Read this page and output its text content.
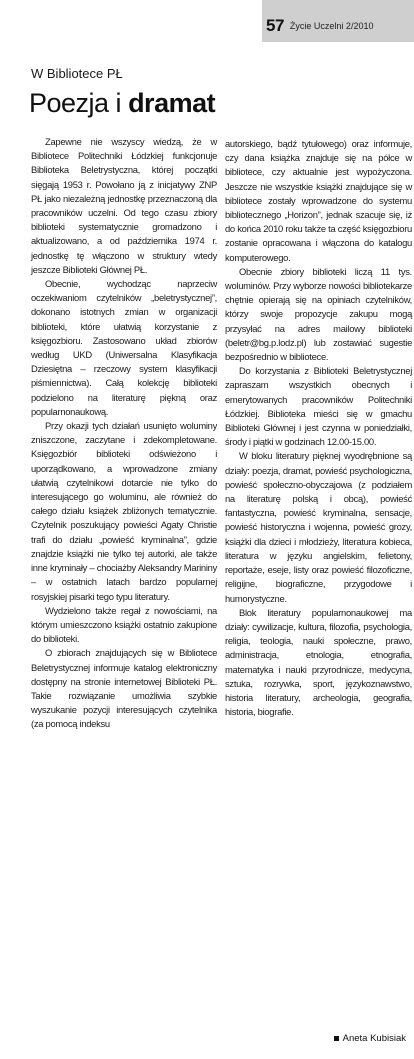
57 Życie Uczelni 2/2010
W Bibliotece PŁ
Poezja i dramat

Zapewne nie wszyscy wiedzą, że w Bibliotece Politechniki Łódzkiej funkcjonuje Biblioteka Beletrystyczna, której początki sięgają 1953 r. Powołano ją z inicjatywy ZNP PŁ jako niezależną jednostkę przeznaczoną dla pracowników uczelni. Od tego czasu zbiory biblioteki systematycznie gromadzono i aktualizowano, a od października 1974 r. jednostkę tę włączono w struktury wtedy jeszcze Biblioteki Głównej PŁ.

Obecnie, wychodząc naprzeciw oczekiwaniom czytelników „beletrystycznej”, dokonano istotnych zmian w organizacji biblioteki, które ułatwią korzystanie z księgozbioru. Zastosowano układ zbiorów według UKD (Uniwersalna Klasyfikacja Dziesiętna – rzeczowy system klasyfikacji piśmiennictwa). Całą kolekcję biblioteki podzielono na literaturę piękną oraz popularnonaukową.

Przy okazji tych działań usunięto woluminy zniszczone, zaczytane i zdekompletowane. Księgozbiór biblioteki odświeżono i uporządkowano, a wprowadzone zmiany ułatwią czytelnikowi dotarcie nie tylko do interesującego go woluminu, ale również do całego działu książek zbliżonych tematycznie. Czytelnik poszukujący powieści Agaty Christie trafi do działu „powieść kryminalna”, gdzie znajdzie książki nie tylko tej autorki, ale także inne kryminały – chociażby Aleksandry Marininy – w ostatnich latach bardzo popularnej rosyjskiej pisarki tego typu literatury.

Wydzielono także regał z nowościami, na którym umieszczono książki ostatnio zakupione do biblioteki.

O zbiorach znajdujących się w Bibliotece Beletrystycznej informuje katalog elektroniczny dostępny na stronie internetowej Biblioteki PŁ. Takie rozwiązanie umożliwia szybkie wyszukanie pozycji interesujących czytelnika (za pomocą indeksu

autorskiego, bądź tytułowego) oraz informuje, czy dana książka znajduje się na półce w bibliotece, czy aktualnie jest wypożyczona. Jeszcze nie wszystkie książki znajdujące się w bibliotece zostały wprowadzone do systemu bibliotecznego „Horizon”, jednak szacuje się, iż do końca 2010 roku także ta część księgozbioru zostanie opracowana i włączona do katalogu komputerowego.

Obecnie zbiory biblioteki liczą 11 tys. woluminów. Przy wyborze nowości bibliotekarze chętnie opierają się na opiniach czytelników, którzy swoje propozycje zakupu mogą przysyłać na adres mailowy biblioteki (beletr@bg.p.lodz.pl) lub zostawiać sugestie bezpośrednio w bibliotece.

Do korzystania z Biblioteki Beletrystycznej zapraszam wszystkich obecnych i emerytowanych pracowników Politechniki Łódzkiej. Biblioteka mieści się w gmachu Biblioteki Głównej i jest czynna w poniedziałki, środy i piątki w godzinach 12.00-15.00.

W bloku literatury pięknej wyodrębnione są działy: poezja, dramat, powieść psychologiczna, powieść społeczno-obyczajowa (z podziałem na literaturę polską i obcą), powieść fantastyczna, powieść kryminalna, sensacje, powieść historyczna i wojenna, powieść grozy, książki dla dzieci i młodzieży, literatura kobieca, literatura w języku angielskim, felietony, reportaże, eseje, listy oraz powieść filozoficzne, religijne, biograficzne, przygodowe i humorystyczne.

Blok literatury popularnonaukowej ma działy: cywilizacje, kultura, filozofia, psychologia, religia, teologia, nauki społeczne, prawo, administracja, etnologia, etnografia, matematyka i nauki przyrodnicze, medycyna, sztuka, rozrywka, sport, językoznawstwo, historia literatury, archeologia, geografia, historia, biografie.

Aneta Kubisiak
